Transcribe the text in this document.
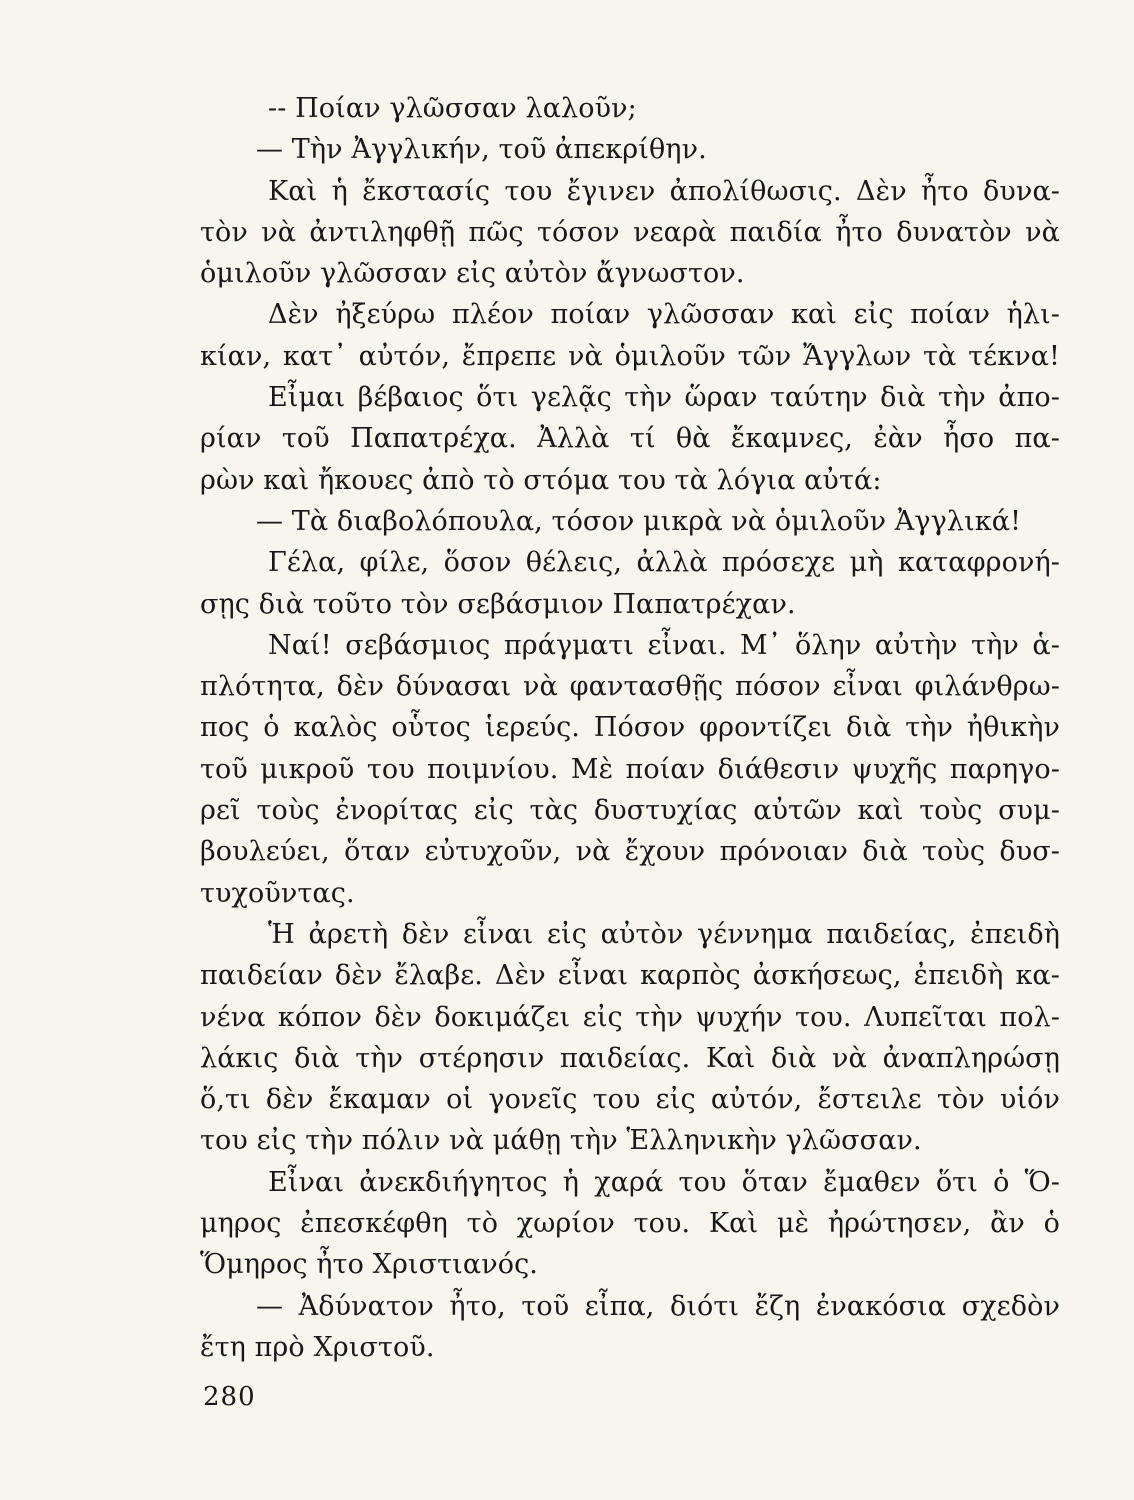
-- Ποίαν γλῶσσαν λαλοῦν;
— Τὴν Ἀγγλικήν, τοῦ ἀπεκρίθην.
Καὶ ἡ ἔκστασίς του ἔγινεν ἀπολίθωσις. Δὲν ἦτο δυνα-
τὸν νὰ ἀντιληφθῇ πῶς τόσον νεαρὰ παιδία ἦτο δυνατὸν νὰ
ὁμιλοῦν γλῶσσαν εἰς αὐτὸν ἄγνωστον.
Δὲν ἠξεύρω πλέον ποίαν γλῶσσαν καὶ εἰς ποίαν ἡλι-
κίαν, κατ᾽ αὐτόν, ἔπρεπε νὰ ὁμιλοῦν τῶν Ἄγγλων τὰ τέκνα!
Εἶμαι βέβαιος ὅτι γελᾷς τὴν ὥραν ταύτην διὰ τὴν ἀπο-
ρίαν τοῦ Παπατρέχα. Ἀλλὰ τί θὰ ἔκαμνες, ἐὰν ἦσο πα-
ρὼν καὶ ἤκουες ἀπὸ τὸ στόμα του τὰ λόγια αὐτά:
— Τὰ διαβολόπουλα, τόσον μικρὰ νὰ ὁμιλοῦν Ἀγγλικά!
Γέλα, φίλε, ὅσον θέλεις, ἀλλὰ πρόσεχε μὴ καταφρονή-
σῃς διὰ τοῦτο τὸν σεβάσμιον Παπατρέχαν.
Ναί! σεβάσμιος πράγματι εἶναι. Μ᾽ ὅλην αὐτὴν τὴν ἁ-
πλότητα, δὲν δύνασαι νὰ φαντασθῇς πόσον εἶναι φιλάνθρω-
πος ὁ καλὸς οὗτος ἱερεύς. Πόσον φροντίζει διὰ τὴν ἠθικὴν
τοῦ μικροῦ του ποιμνίου. Μὲ ποίαν διάθεσιν ψυχῆς παρηγο-
ρεῖ τοὺς ἐνορίτας εἰς τὰς δυστυχίας αὐτῶν καὶ τοὺς συμ-
βουλεύει, ὅταν εὐτυχοῦν, νὰ ἔχουν πρόνοιαν διὰ τοὺς δυσ-
τυχοῦντας.
Ἡ ἀρετὴ δὲν εἶναι εἰς αὐτὸν γέννημα παιδείας, ἐπειδὴ
παιδείαν δὲν ἔλαβε. Δὲν εἶναι καρπὸς ἀσκήσεως, ἐπειδὴ κα-
νένα κόπον δὲν δοκιμάζει εἰς τὴν ψυχήν του. Λυπεῖται πολ-
λάκις διὰ τὴν στέρησιν παιδείας. Καὶ διὰ νὰ ἀναπληρώσῃ
ὅ,τι δὲν ἔκαμαν οἱ γονεῖς του εἰς αὐτόν, ἔστειλε τὸν υἱόν
του εἰς τὴν πόλιν νὰ μάθῃ τὴν Ἑλληνικὴν γλῶσσαν.
Εἶναι ἀνεκδιήγητος ἡ χαρά του ὅταν ἔμαθεν ὅτι ὁ Ὅ-
μηρος ἐπεσκέφθη τὸ χωρίον του. Καὶ μὲ ἠρώτησεν, ἂν ὁ
Ὅμηρος ἦτο Χριστιανός.
— Ἀδύνατον ἦτο, τοῦ εἶπα, διότι ἔζη ἐνακόσια σχεδὸν
ἔτη πρὸ Χριστοῦ.
280
